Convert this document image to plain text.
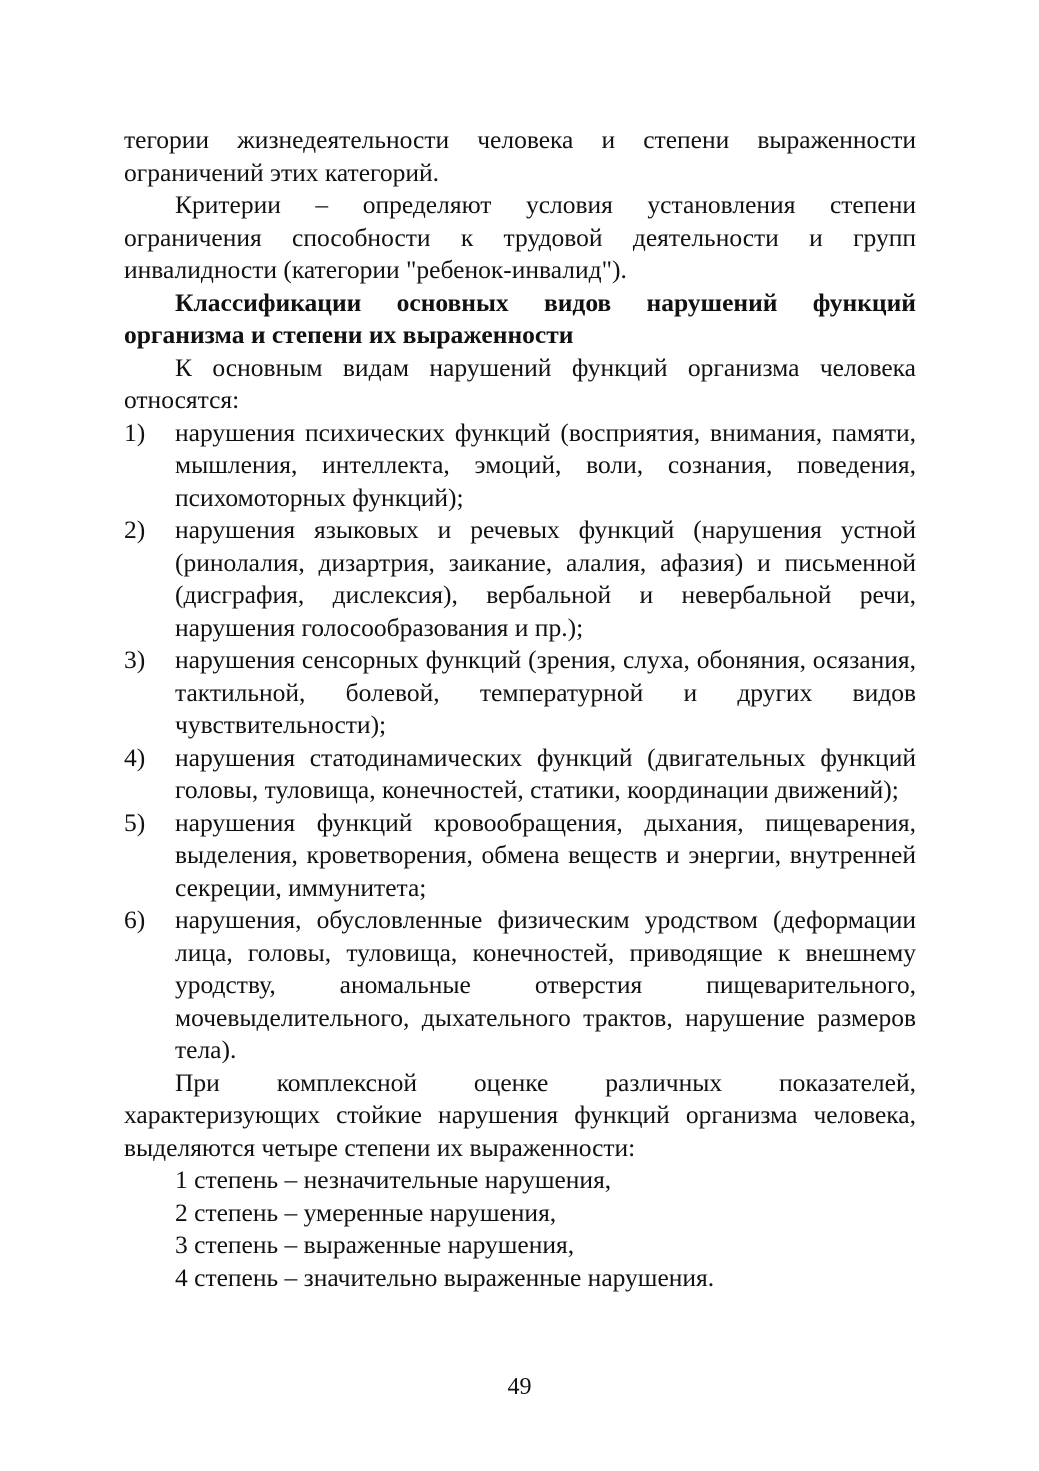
тегории жизнедеятельности человека и степени выраженности ограничений этих категорий.

Критерии – определяют условия установления степени ограничения способности к трудовой деятельности и групп инвалидности (категории "ребенок-инвалид").

Классификации основных видов нарушений функций организма и степени их выраженности

К основным видам нарушений функций организма человека относятся:

1)	нарушения психических функций (восприятия, внимания, памяти, мышления, интеллекта, эмоций, воли, сознания, поведения, психомоторных функций);
2)	нарушения языковых и речевых функций (нарушения устной (ринолалия, дизартрия, заикание, алалия, афазия) и письменной (дисграфия, дислексия), вербальной и невербальной речи, нарушения голосообразования и пр.);
3)	нарушения сенсорных функций (зрения, слуха, обоняния, осязания, тактильной, болевой, температурной и других видов чувствительности);
4)	нарушения статодинамических функций (двигательных функций головы, туловища, конечностей, статики, координации движений);
5)	нарушения функций кровообращения, дыхания, пищеварения, выделения, кроветворения, обмена веществ и энергии, внутренней секреции, иммунитета;
6)	нарушения, обусловленные физическим уродством (деформации лица, головы, туловища, конечностей, приводящие к внешнему уродству, аномальные отверстия пищеварительного, мочевыделительного, дыхательного трактов, нарушение размеров тела).

При комплексной оценке различных показателей, характеризующих стойкие нарушения функций организма человека, выделяются четыре степени их выраженности:

1 степень – незначительные нарушения,
2 степень – умеренные нарушения,
3 степень – выраженные нарушения,
4 степень – значительно выраженные нарушения.
49
